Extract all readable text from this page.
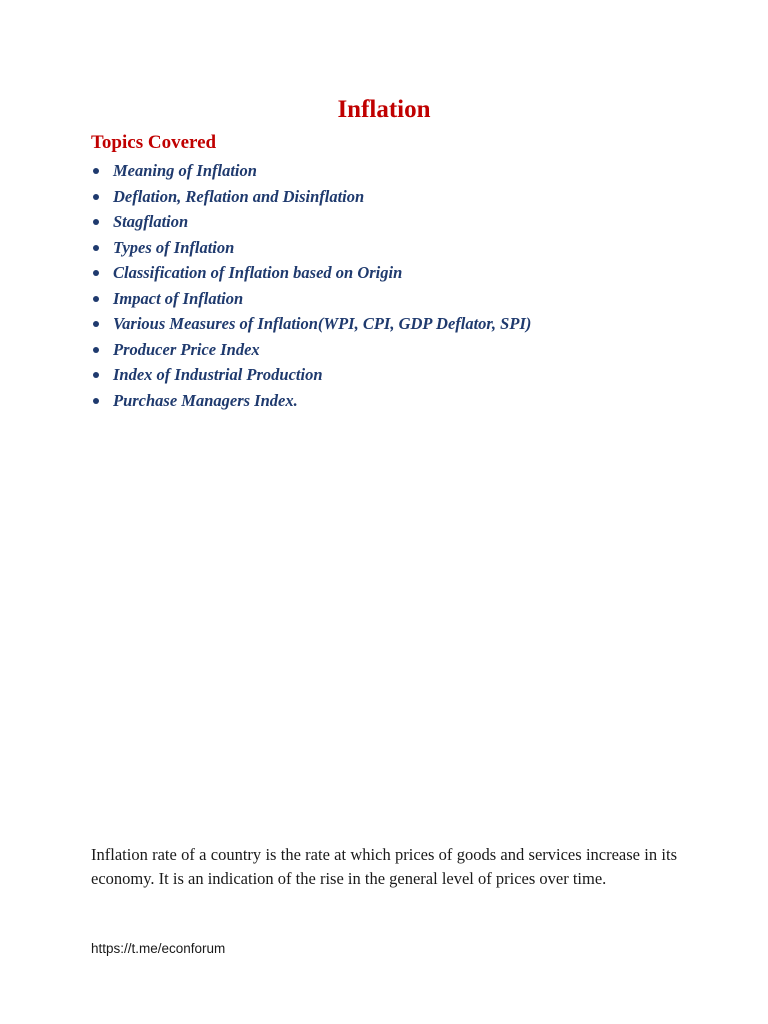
Inflation
Topics Covered
Meaning of Inflation
Deflation, Reflation and Disinflation
Stagflation
Types of Inflation
Classification of Inflation based on Origin
Impact of Inflation
Various Measures of Inflation(WPI, CPI, GDP Deflator, SPI)
Producer Price Index
Index of Industrial Production
Purchase Managers Index.

Inflation rate of a country is the rate at which prices of goods and services increase in its economy. It is an indication of the rise in the general level of prices over time.

https://t.me/econforum
